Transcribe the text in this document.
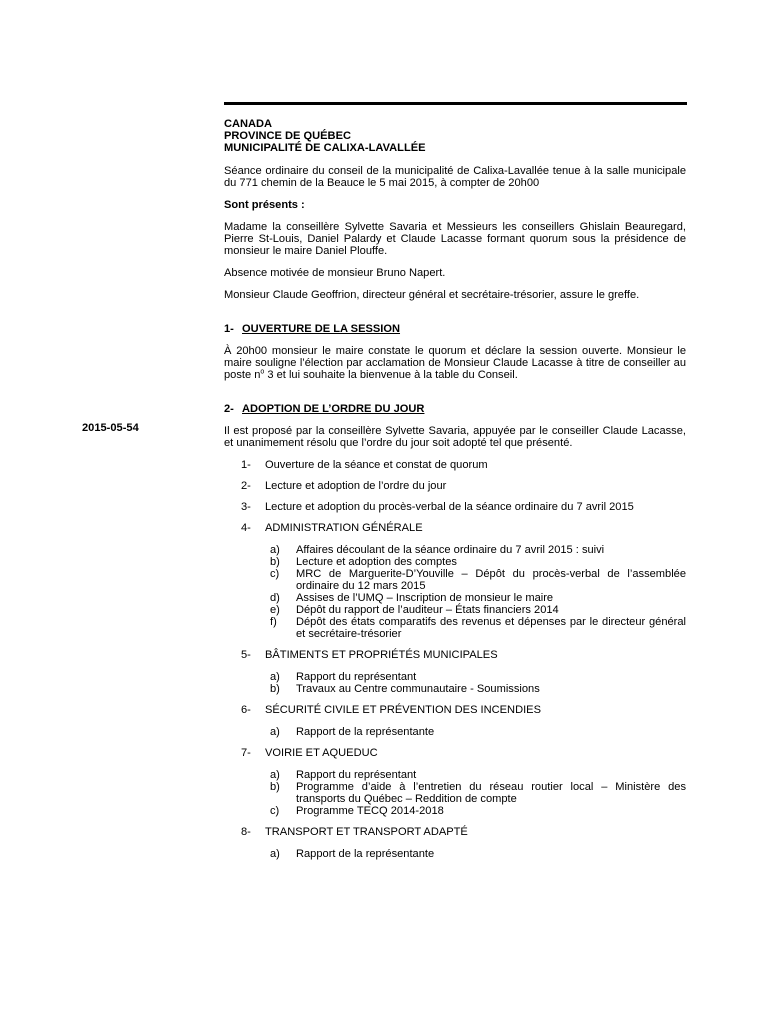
2015-05-54
CANADA
PROVINCE DE QUÉBEC
MUNICIPALITÉ DE CALIXA-LAVALLÉE

Séance ordinaire du conseil de la municipalité de Calixa-Lavallée tenue à la salle municipale du 771 chemin de la Beauce le 5 mai 2015, à compter de 20h00

Sont présents :

Madame la conseillère Sylvette Savaria et Messieurs les conseillers Ghislain Beauregard, Pierre St-Louis, Daniel Palardy et Claude Lacasse formant quorum sous la présidence de monsieur le maire Daniel Plouffe.

Absence motivée de monsieur Bruno Napert.

Monsieur Claude Geoffrion, directeur général et secrétaire-trésorier, assure le greffe.

1- OUVERTURE DE LA SESSION

À 20h00 monsieur le maire constate le quorum et déclare la session ouverte. Monsieur le maire souligne l’élection par acclamation de Monsieur Claude Lacasse à titre de conseiller au poste $n^o$ 3 et lui souhaite la bienvenue à la table du Conseil.

2- ADOPTION DE L’ORDRE DU JOUR

Il est proposé par la conseillère Sylvette Savaria, appuyée par le conseiller Claude Lacasse, et unanimement résolu que l’ordre du jour soit adopté tel que présenté.

1-	Ouverture de la séance et constat de quorum
2-	Lecture et adoption de l’ordre du jour
3-	Lecture et adoption du procès-verbal de la séance ordinaire du 7 avril 2015
4-	ADMINISTRATION GÉNÉRALE
a)	Affaires découlant de la séance ordinaire du 7 avril 2015 : suivi
b)	Lecture et adoption des comptes
c)	MRC de Marguerite-D’Youville – Dépôt du procès-verbal de l’assemblée ordinaire du 12 mars 2015
d)	Assises de l’UMQ – Inscription de monsieur le maire
e)	Dépôt du rapport de l’auditeur – États financiers 2014
f)	Dépôt des états comparatifs des revenus et dépenses par le directeur général et secrétaire-trésorier
5-	BÂTIMENTS ET PROPRIÉTÉS MUNICIPALES
a)	Rapport du représentant
b)	Travaux au Centre communautaire - Soumissions
6-	SÉCURITÉ CIVILE ET PRÉVENTION DES INCENDIES
a)	Rapport de la représentante
7-	VOIRIE ET AQUEDUC
a)	Rapport du représentant
b)	Programme d’aide à l’entretien du réseau routier local – Ministère des transports du Québec – Reddition de compte
c)	Programme TECQ 2014-2018
8-	TRANSPORT ET TRANSPORT ADAPTÉ
a)	Rapport de la représentante
